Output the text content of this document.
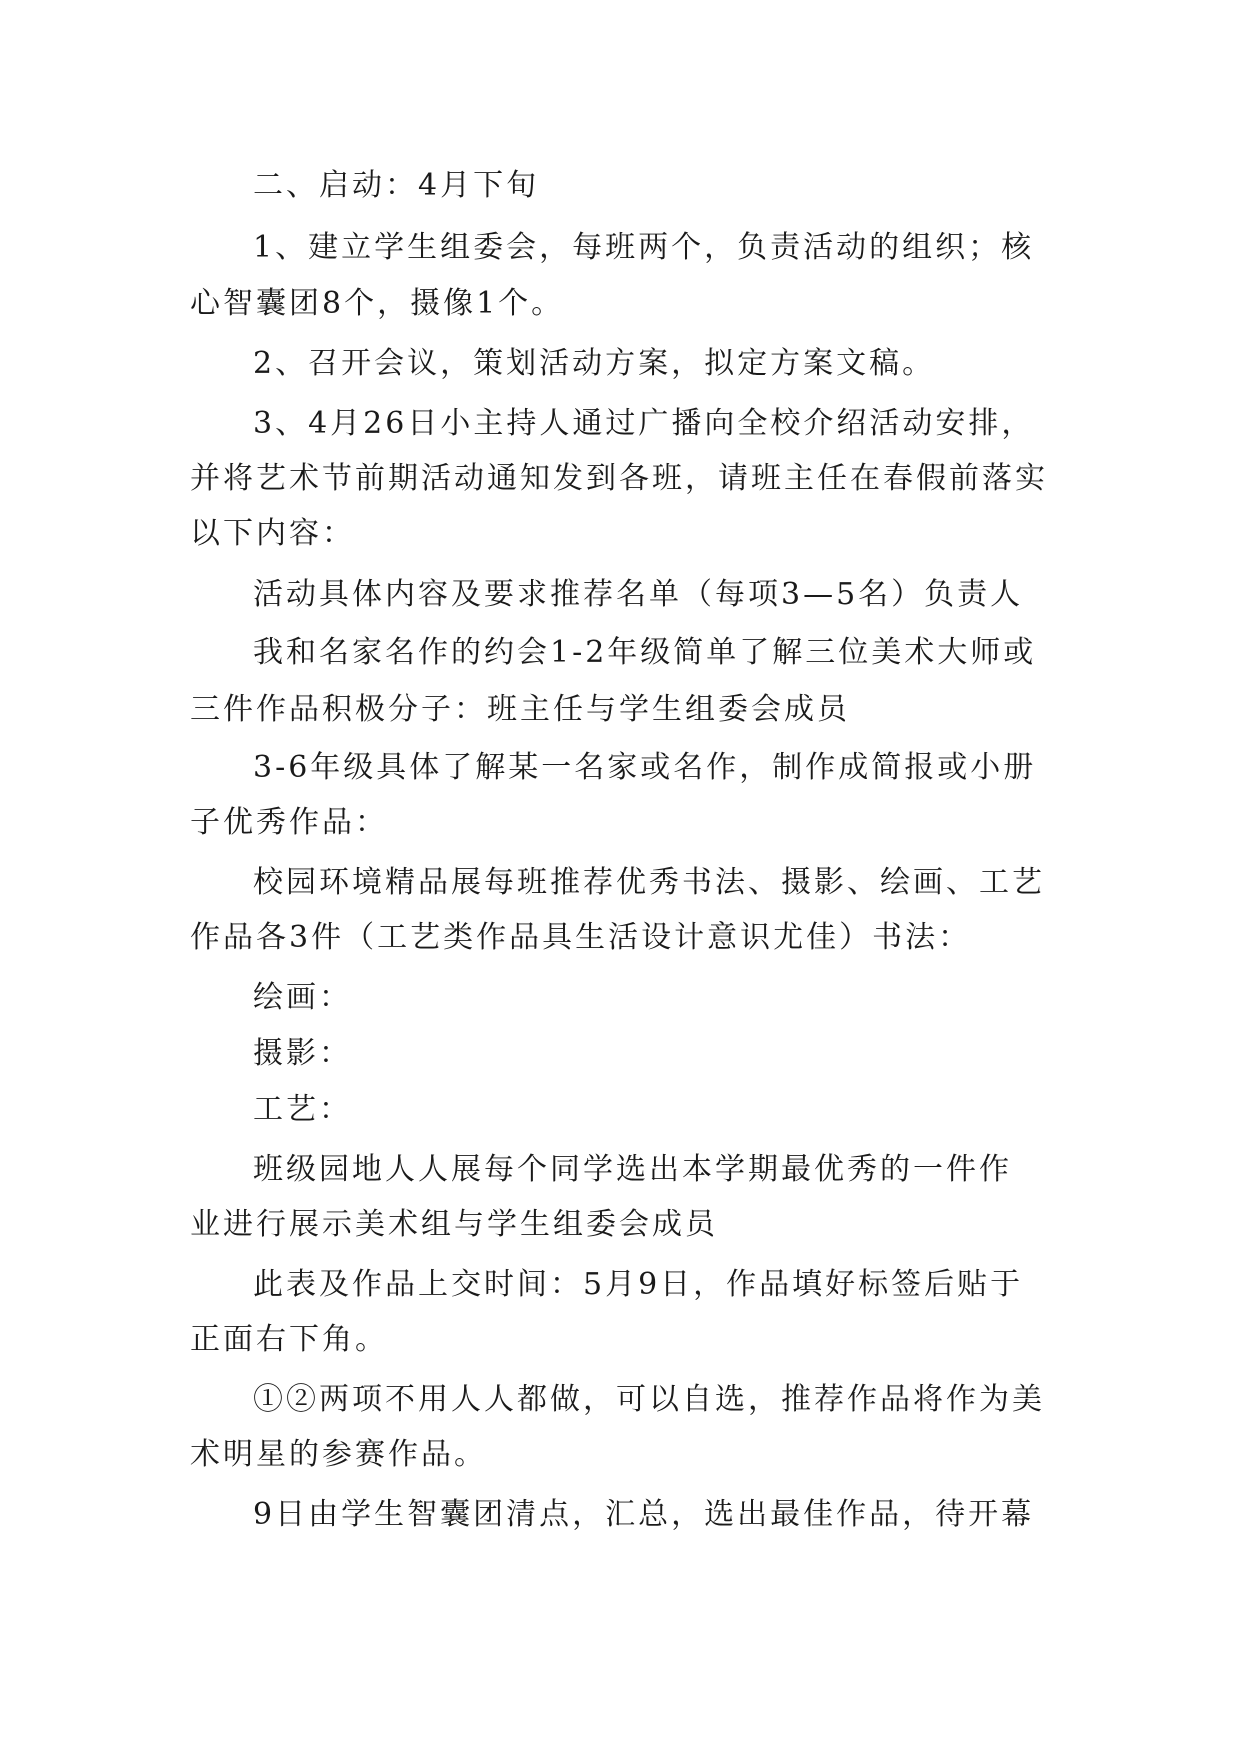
二、启动：4月下旬
1、建立学生组委会，每班两个，负责活动的组织；核
心智囊团8个，摄像1个。
2、召开会议，策划活动方案，拟定方案文稿。
3、4月26日小主持人通过广播向全校介绍活动安排，
并将艺术节前期活动通知发到各班，请班主任在春假前落实
以下内容：
活动具体内容及要求推荐名单（每项3—5名）负责人
我和名家名作的约会1-2年级简单了解三位美术大师或
三件作品积极分子：班主任与学生组委会成员
3-6年级具体了解某一名家或名作，制作成简报或小册
子优秀作品：
校园环境精品展每班推荐优秀书法、摄影、绘画、工艺
作品各3件（工艺类作品具生活设计意识尤佳）书法：
绘画：
摄影：
工艺：
班级园地人人展每个同学选出本学期最优秀的一件作
业进行展示美术组与学生组委会成员
此表及作品上交时间：5月9日，作品填好标签后贴于
正面右下角。
①②两项不用人人都做，可以自选，推荐作品将作为美
术明星的参赛作品。
9日由学生智囊团清点，汇总，选出最佳作品，待开幕
